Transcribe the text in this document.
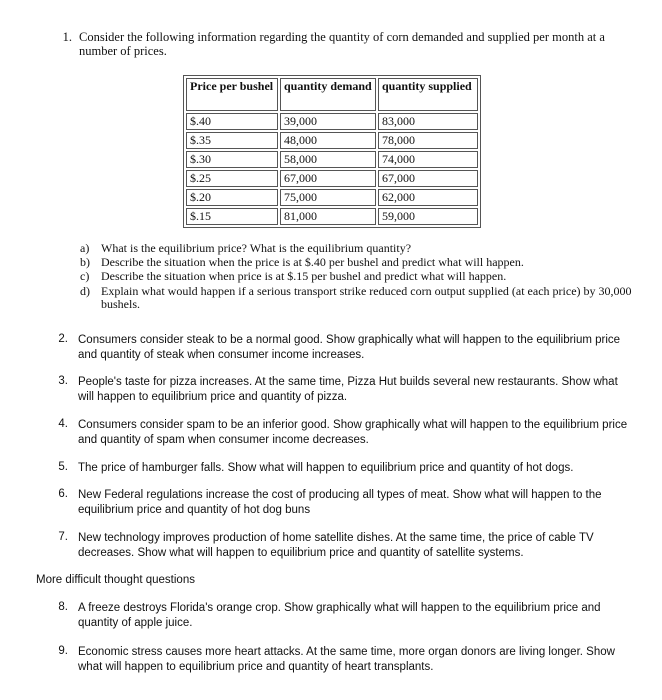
1. Consider the following information regarding the quantity of corn demanded and supplied per month at a number of prices.
Price per bushel	quantity demand	quantity supplied
$.40	39,000	83,000
$.35	48,000	78,000
$.30	58,000	74,000
$.25	67,000	67,000
$.20	75,000	62,000
$.15	81,000	59,000
a) What is the equilibrium price? What is the equilibrium quantity?
b) Describe the situation when the price is at $.40 per bushel and predict what will happen.
c) Describe the situation when price is at $.15 per bushel and predict what will happen.
d) Explain what would happen if a serious transport strike reduced corn output supplied (at each price) by 30,000 bushels.
2. Consumers consider steak to be a normal good. Show graphically what will happen to the equilibrium price and quantity of steak when consumer income increases.
3. People's taste for pizza increases. At the same time, Pizza Hut builds several new restaurants. Show what will happen to equilibrium price and quantity of pizza.
4. Consumers consider spam to be an inferior good. Show graphically what will happen to the equilibrium price and quantity of spam when consumer income decreases.
5. The price of hamburger falls. Show what will happen to equilibrium price and quantity of hot dogs.
6. New Federal regulations increase the cost of producing all types of meat. Show what will happen to the equilibrium price and quantity of hot dog buns
7. New technology improves production of home satellite dishes. At the same time, the price of cable TV decreases. Show what will happen to equilibrium price and quantity of satellite systems.
More difficult thought questions
8. A freeze destroys Florida's orange crop. Show graphically what will happen to the equilibrium price and quantity of apple juice.
9. Economic stress causes more heart attacks. At the same time, more organ donors are living longer. Show what will happen to equilibrium price and quantity of heart transplants.
